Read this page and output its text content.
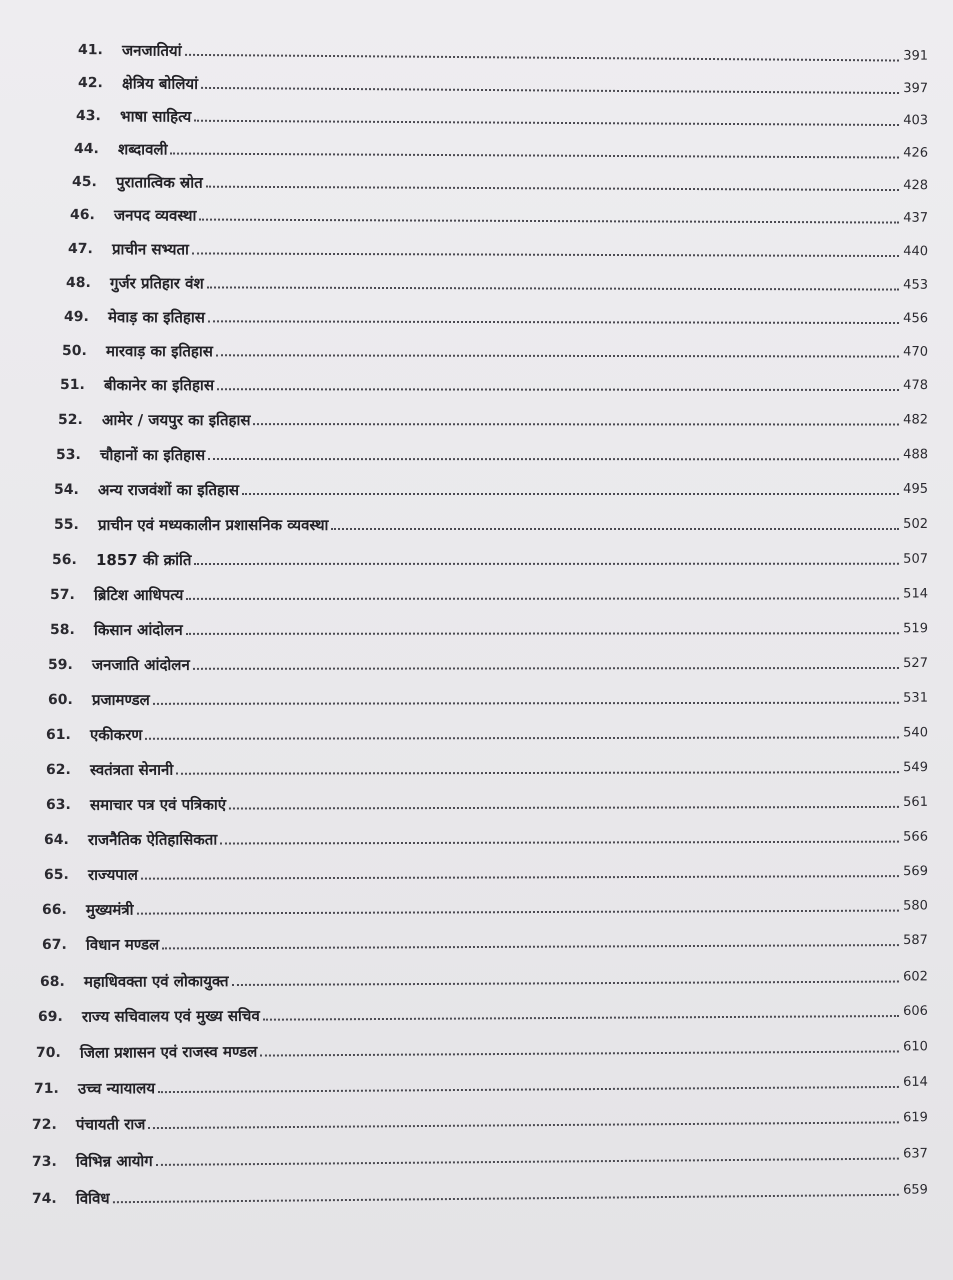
41.	जनजातियां	391
42.	क्षेत्रिय बोलियां	397
43.	भाषा साहित्य	403
44.	शब्दावली	426
45.	पुरातात्विक स्रोत	428
46.	जनपद व्यवस्था	437
47.	प्राचीन सभ्यता	440
48.	गुर्जर प्रतिहार वंश	453
49.	मेवाड़ का इतिहास	456
50.	मारवाड़ का इतिहास	470
51.	बीकानेर का इतिहास	478
52.	आमेर / जयपुर का इतिहास	482
53.	चौहानों का इतिहास	488
54.	अन्य राजवंशों का इतिहास	495
55.	प्राचीन एवं मध्यकालीन प्रशासनिक व्यवस्था	502
56.	1857 की क्रांति	507
57.	ब्रिटिश आधिपत्य	514
58.	किसान आंदोलन	519
59.	जनजाति आंदोलन	527
60.	प्रजामण्डल	531
61.	एकीकरण	540
62.	स्वतंत्रता सेनानी	549
63.	समाचार पत्र एवं पत्रिकाएं	561
64.	राजनैतिक ऐतिहासिकता	566
65.	राज्यपाल	569
66.	मुख्यमंत्री	580
67.	विधान मण्डल	587
68.	महाधिवक्ता एवं लोकायुक्त	602
69.	राज्य सचिवालय एवं मुख्य सचिव	606
70.	जिला प्रशासन एवं राजस्व मण्डल	610
71.	उच्च न्यायालय	614
72.	पंचायती राज	619
73.	विभिन्न आयोग	637
74.	विविध	659
